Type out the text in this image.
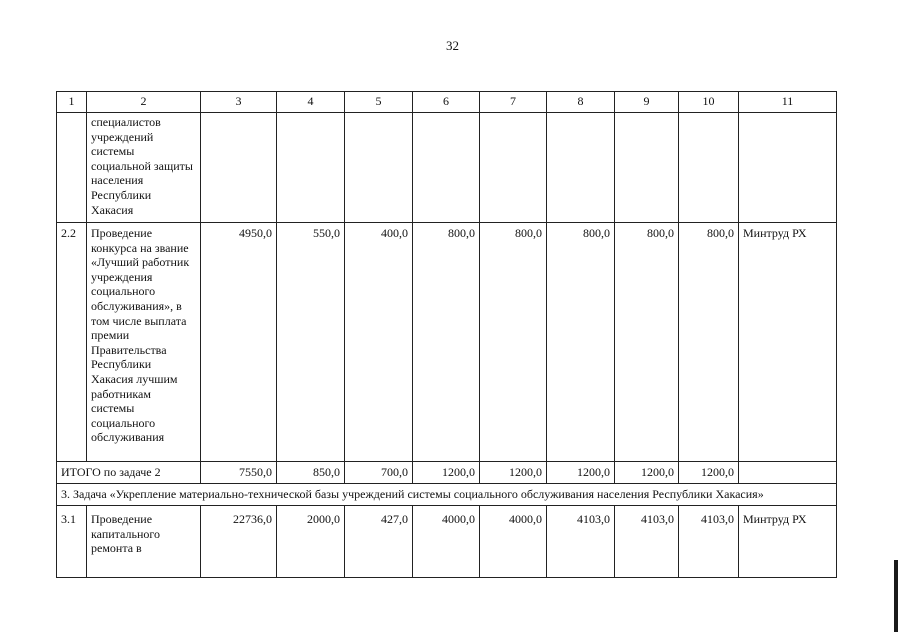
32
1	2	3	4	5	6	7	8	9	10	11
	специалистов учреждений системы социальной защиты населения Республики Хакасия									
2.2	Проведение конкурса на звание «Лучший работник учреждения социального обслуживания», в том числе выплата премии Правительства Республики Хакасия лучшим работникам системы социального обслуживания	4950,0	550,0	400,0	800,0	800,0	800,0	800,0	800,0	Минтруд РХ
ИТОГО по задаче 2		7550,0	850,0	700,0	1200,0	1200,0	1200,0	1200,0	1200,0	
3. Задача «Укрепление материально-технической базы учреждений системы социального обслуживания населения Республики Хакасия»										
3.1	Проведение капитального ремонта в	22736,0	2000,0	427,0	4000,0	4000,0	4103,0	4103,0	4103,0	Минтруд РХ
